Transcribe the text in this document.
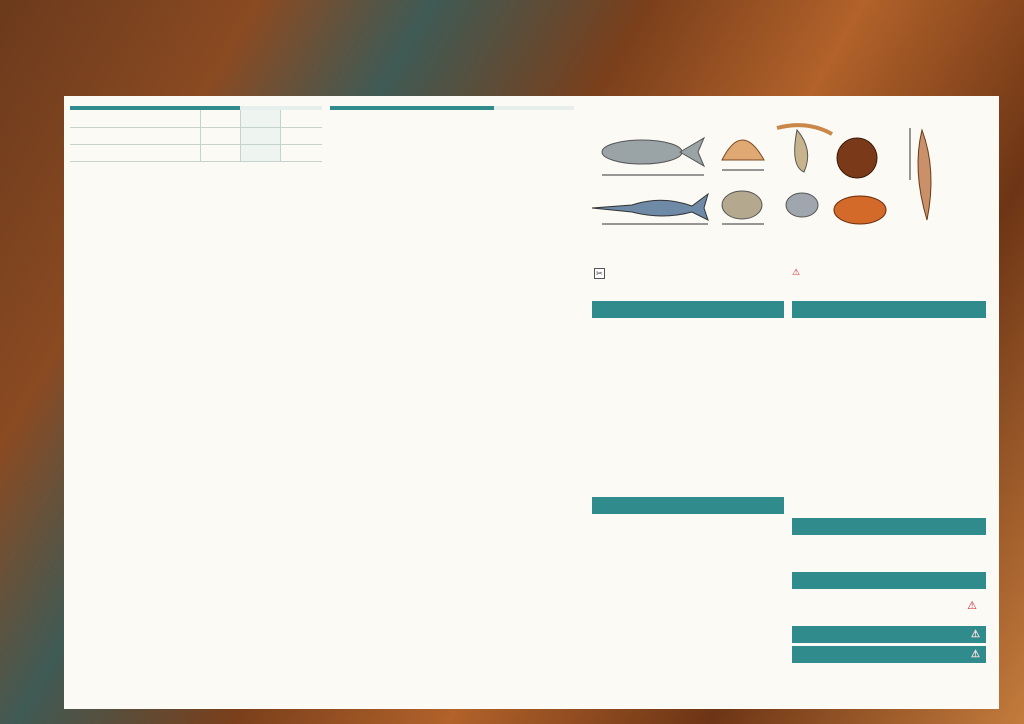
✂	⚠

⚠
⚠
⚠
